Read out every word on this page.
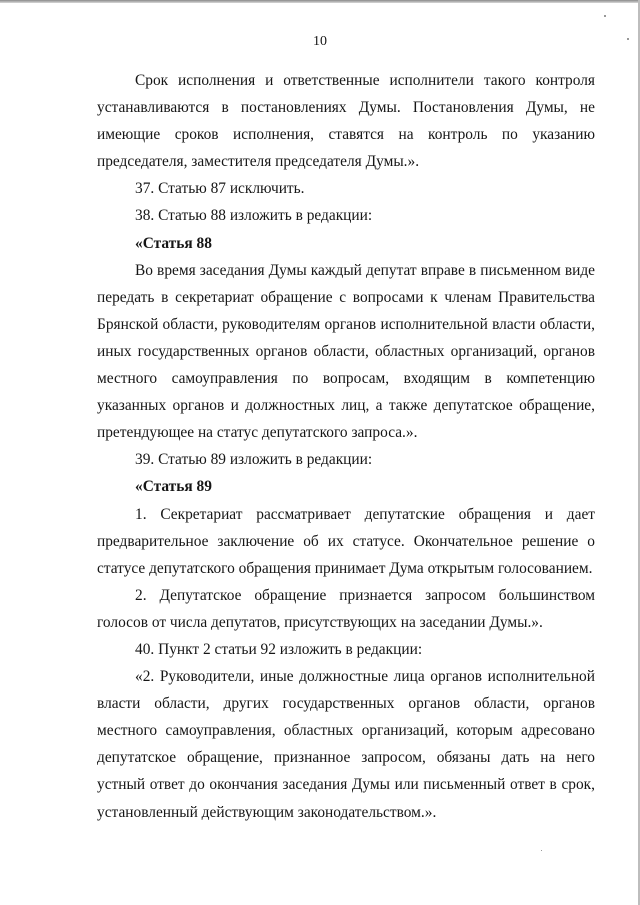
10

Срок исполнения и ответственные исполнители такого контроля устанавливаются в постановлениях Думы. Постановления Думы, не имеющие сроков исполнения, ставятся на контроль по указанию председателя, заместителя председателя Думы.».

37. Статью 87 исключить.

38. Статью 88 изложить в редакции:

«Статья 88

Во время заседания Думы каждый депутат вправе в письменном виде передать в секретариат обращение с вопросами к членам Правительства Брянской области, руководителям органов исполнительной власти области, иных государственных органов области, областных организаций, органов местного самоуправления по вопросам, входящим в компетенцию указанных органов и должностных лиц, а также депутатское обращение, претендующее на статус депутатского запроса.».

39. Статью 89 изложить в редакции:

«Статья 89

1. Секретариат рассматривает депутатские обращения и дает предварительное заключение об их статусе. Окончательное решение о статусе депутатского обращения принимает Дума открытым голосованием.

2. Депутатское обращение признается запросом большинством голосов от числа депутатов, присутствующих на заседании Думы.».

40. Пункт 2 статьи 92 изложить в редакции:

«2. Руководители, иные должностные лица органов исполнительной власти области, других государственных органов области, органов местного самоуправления, областных организаций, которым адресовано депутатское обращение, признанное запросом, обязаны дать на него устный ответ до окончания заседания Думы или письменный ответ в срок, установленный действующим законодательством.».
